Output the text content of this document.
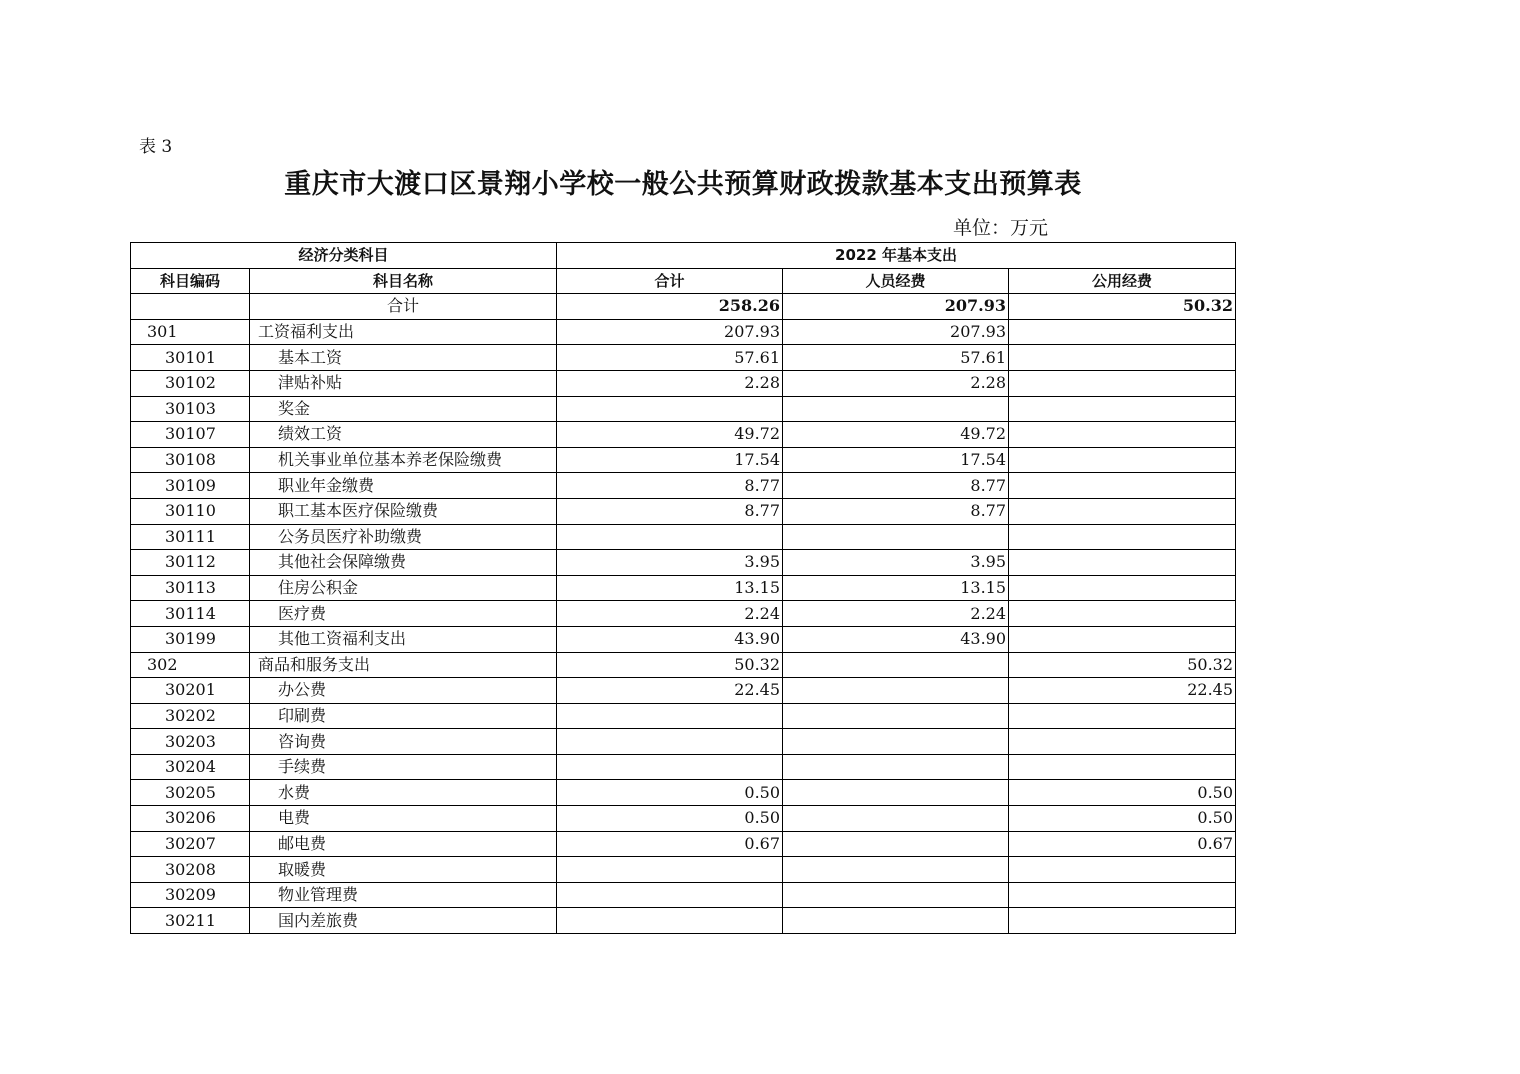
表 3
重庆市大渡口区景翔小学校一般公共预算财政拨款基本支出预算表
单位：万元
经济分类科目		2022 年基本支出		
科目编码	科目名称	合计	人员经费	公用经费
	合计	258.26	207.93	50.32
301	工资福利支出	207.93	207.93	
30101	基本工资	57.61	57.61	
30102	津贴补贴	2.28	2.28	
30103	奖金			
30107	绩效工资	49.72	49.72	
30108	机关事业单位基本养老保险缴费	17.54	17.54	
30109	职业年金缴费	8.77	8.77	
30110	职工基本医疗保险缴费	8.77	8.77	
30111	公务员医疗补助缴费			
30112	其他社会保障缴费	3.95	3.95	
30113	住房公积金	13.15	13.15	
30114	医疗费	2.24	2.24	
30199	其他工资福利支出	43.90	43.90	
302	商品和服务支出	50.32		50.32
30201	办公费	22.45		22.45
30202	印刷费			
30203	咨询费			
30204	手续费			
30205	水费	0.50		0.50
30206	电费	0.50		0.50
30207	邮电费	0.67		0.67
30208	取暖费			
30209	物业管理费			
30211	国内差旅费			
